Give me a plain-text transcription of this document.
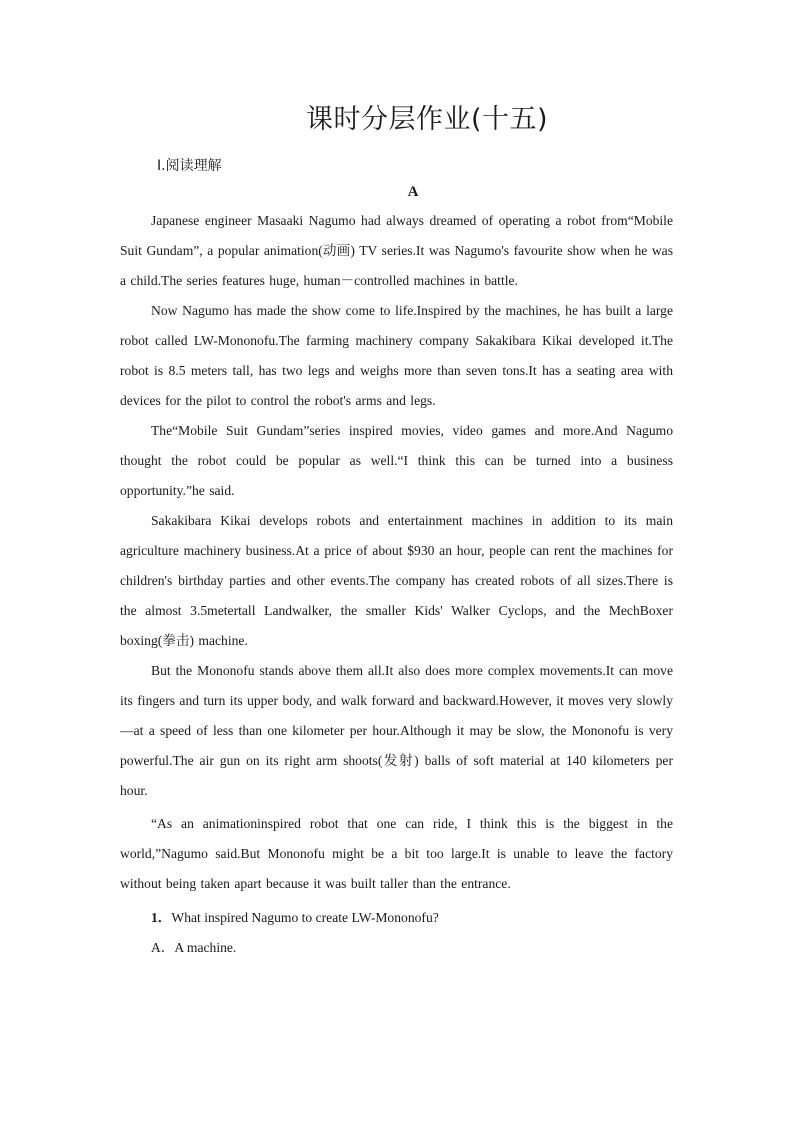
课时分层作业(十五)

Ⅰ.阅读理解

A

Japanese engineer Masaaki Nagumo had always dreamed of operating a robot from“Mobile Suit Gundam”, a popular animation(动画) TV series.It was Nagumo's favourite show when he was a child.The series features huge, human－controlled machines in battle.

Now Nagumo has made the show come to life.Inspired by the machines, he has built a large robot called LW-Mononofu.The farming machinery company Sakakibara Kikai developed it.The robot is 8.5 meters tall, has two legs and weighs more than seven tons.It has a seating area with devices for the pilot to control the robot's arms and legs.

The“Mobile Suit Gundam”series inspired movies, video games and more.And Nagumo thought the robot could be popular as well.“I think this can be turned into a business opportunity.”he said.

Sakakibara Kikai develops robots and entertainment machines in addition to its main agriculture machinery business.At a price of about $930 an hour, people can rent the machines for children's birthday parties and other events.The company has created robots of all sizes.There is the almost 3.5metertall Landwalker, the smaller Kids' Walker Cyclops, and the MechBoxer boxing(拳击) machine.

But the Mononofu stands above them all.It also does more complex movements.It can move its fingers and turn its upper body, and walk forward and backward.However, it moves very slowly—at a speed of less than one kilometer per hour.Although it may be slow, the Mononofu is very powerful.The air gun on its right arm shoots(发射) balls of soft material at 140 kilometers per hour.

“As an animationinspired robot that one can ride, I think this is the biggest in the world,”Nagumo said.But Mononofu might be a bit too large.It is unable to leave the factory without being taken apart because it was built taller than the entrance.

1．What inspired Nagumo to create LW-Mononofu?

A．A machine.
